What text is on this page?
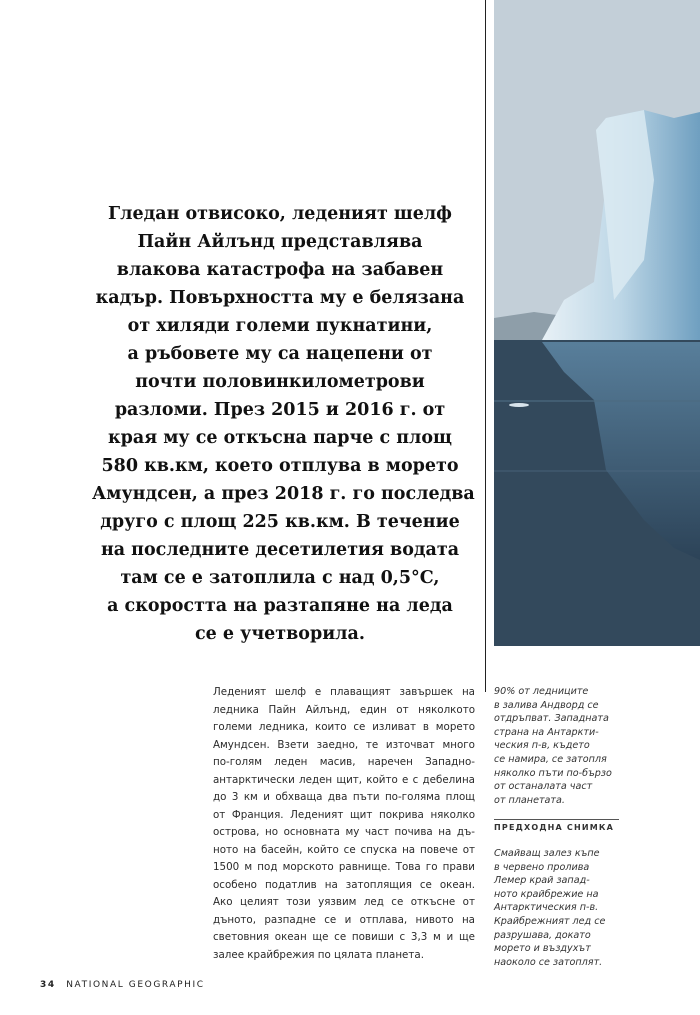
Гледан отвисоко, леденият шелф
Пайн Айлънд представлява
влакова катастрофа на забавен
кадър. Повърхността му е белязана
от хиляди големи пукнатини,
а ръбовете му са нацепени от
почти половинкилометрови
разломи. През 2015 и 2016 г. от
края му се откъсна парче с площ
580 кв.км, което отплува в морето
Амундсен, а през 2018 г. го последва
друго с площ 225 кв.км. В течение
на последните десетилетия водата
там се е затоплила с над 0,5°C,
а скоростта на разтапяне на леда
се е учетворила.
Леденият шелф е плаващият завършек на
ледника Пайн Айлънд, един от няколкото
големи ледника, които се изливат в морето
Амундсен. Взети заедно, те източват много
по-голям леден масив, наречен Западно-
антарктически леден щит, който е с дебелина
до 3 км и обхваща два пъти по-голяма площ
от Франция. Леденият щит покрива няколко
острова, но основната му част почива на дъ-
ното на басейн, който се спуска на повече от
1500 м под морското равнище. Това го прави
особено податлив на затоплящия се океан.
Ако целият този уязвим лед се откъсне от
дъното, разпадне се и отплава, нивото на
световния океан ще се повиши с 3,3 м и ще
залее крайбрежия по цялата планета.
90% от ледниците
в залива Андворд се
отдръпват. Западната
страна на Антаркти-
ческия п-в, където
се намира, се затопля
няколко пъти по-бързо
от останалата част
от планетата.
ПРЕДХОДНА СНИМКА
Смайващ залез къпе
в червено пролива
Лемер край запад-
ното крайбрежие на
Антарктическия п-в.
Крайбрежният лед се
разрушава, докато
морето и въздухът
наоколо се затоплят.
34 NATIONAL GEOGRAPHIC
